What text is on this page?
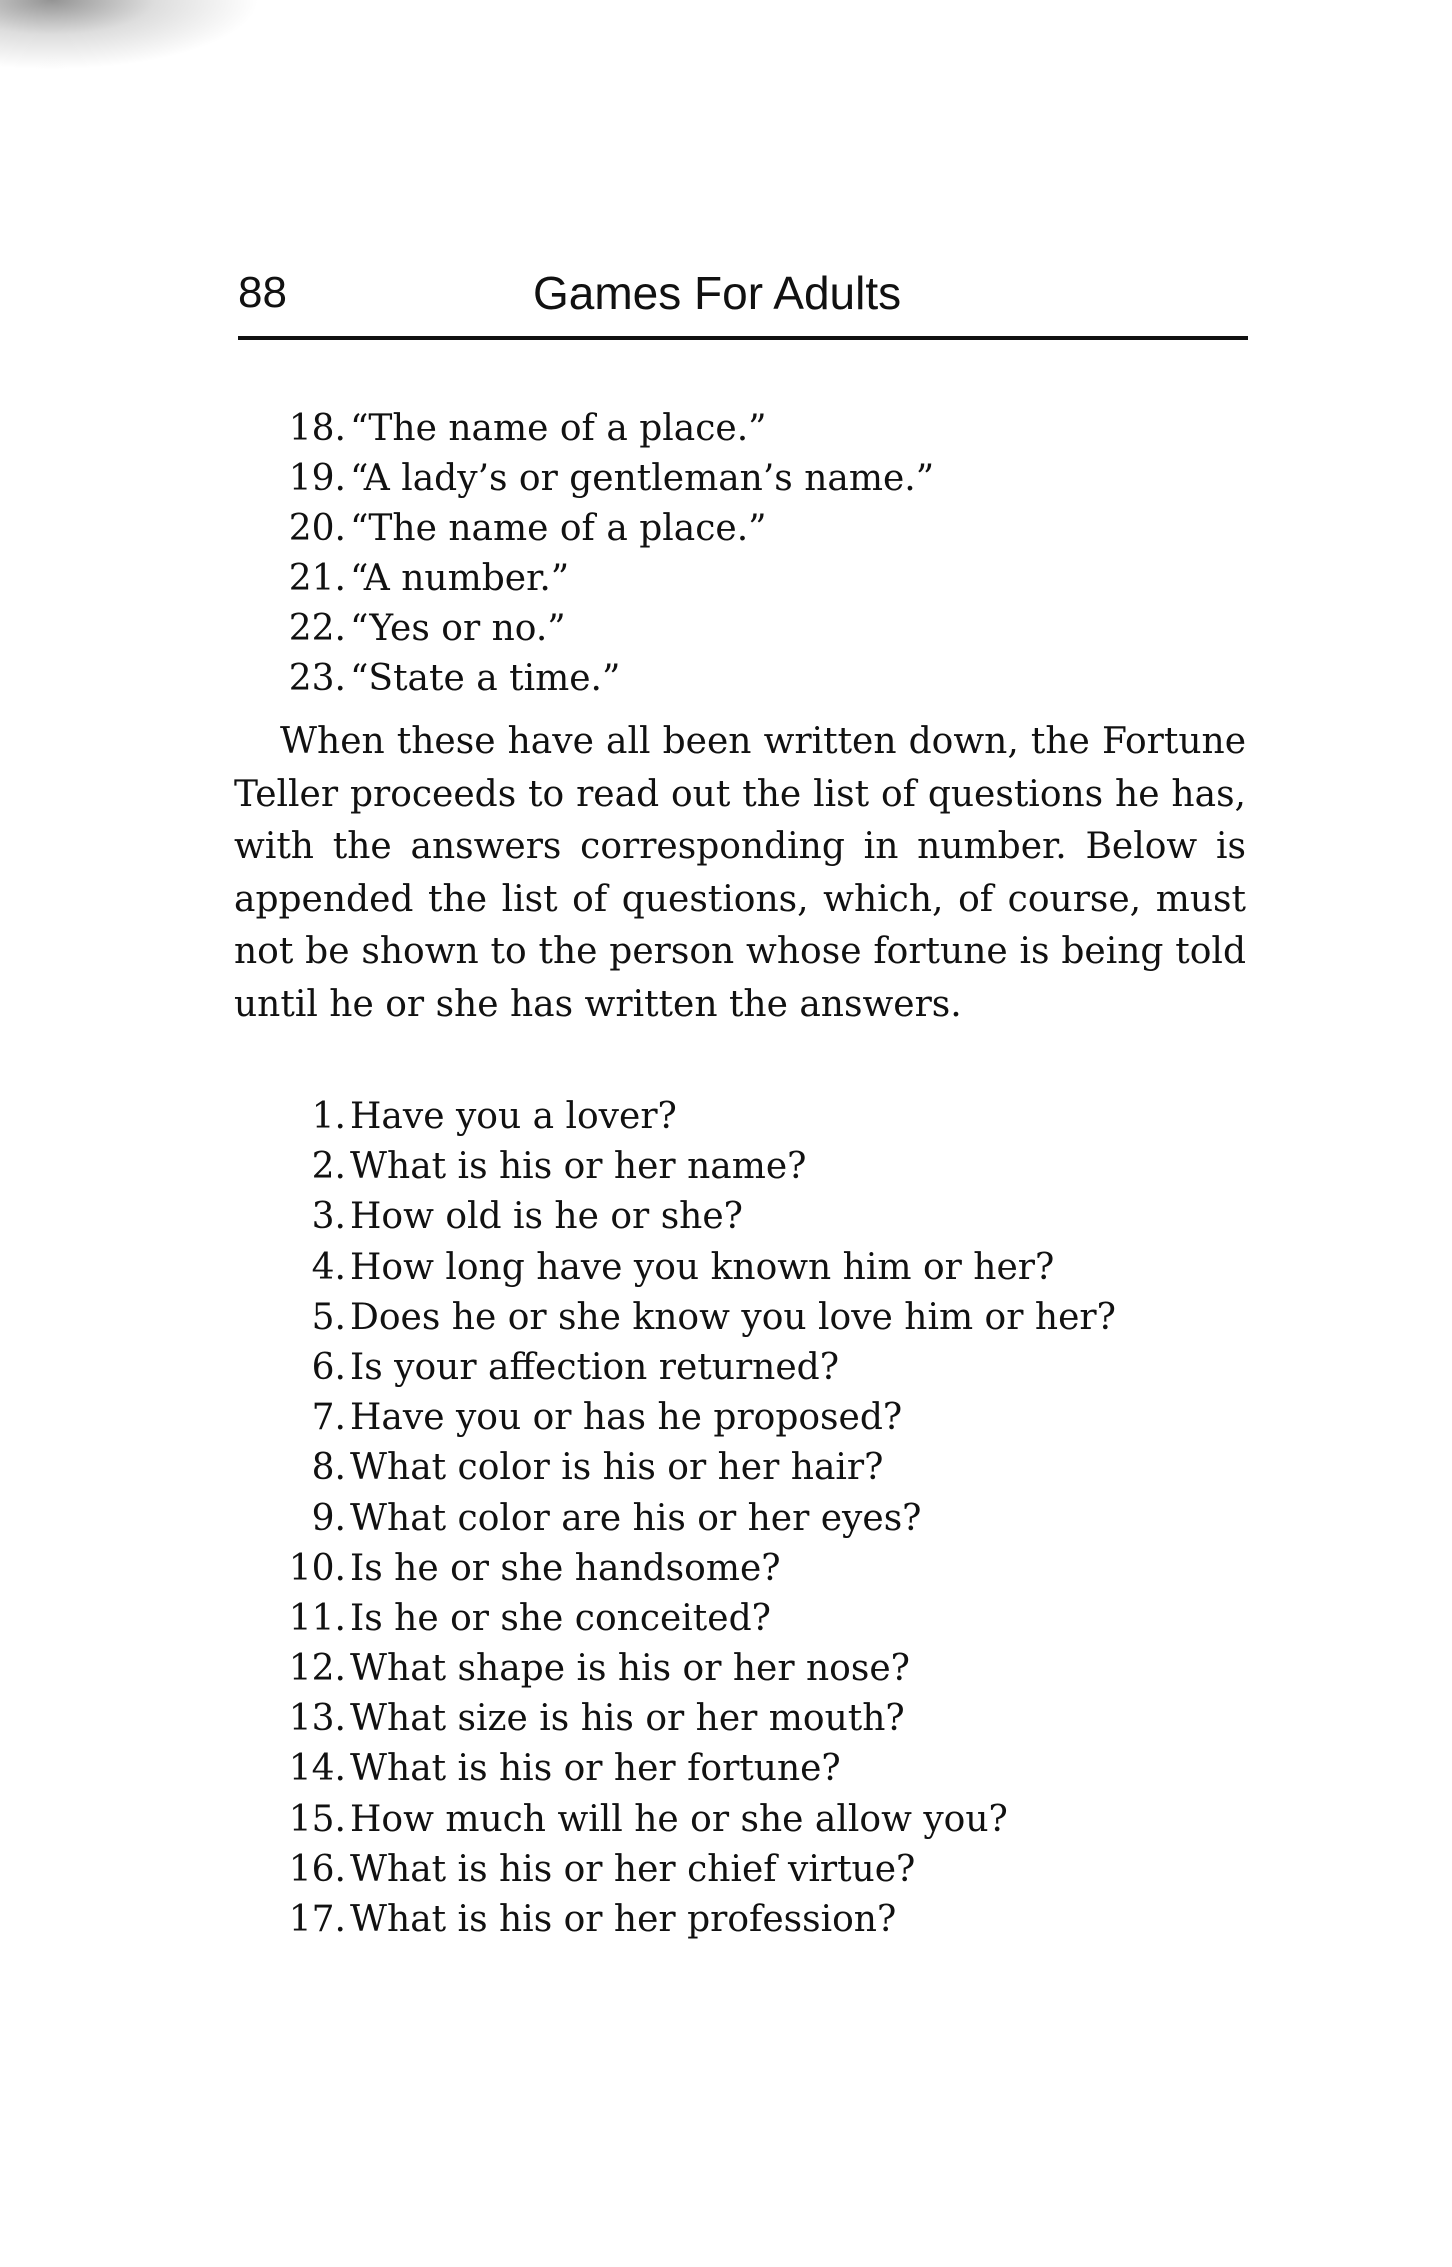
88	Games For Adults
18. “The name of a place.”
19. “A lady’s or gentleman’s name.”
20. “The name of a place.”
21. “A number.”
22. “Yes or no.”
23. “State a time.”

When these have all been written down, the Fortune Teller proceeds to read out the list of questions he has, with the answers corresponding in number. Below is appended the list of questions, which, of course, must not be shown to the person whose fortune is being told until he or she has written the answers.

1. Have you a lover?
2. What is his or her name?
3. How old is he or she?
4. How long have you known him or her?
5. Does he or she know you love him or her?
6. Is your affection returned?
7. Have you or has he proposed?
8. What color is his or her hair?
9. What color are his or her eyes?
10. Is he or she handsome?
11. Is he or she conceited?
12. What shape is his or her nose?
13. What size is his or her mouth?
14. What is his or her fortune?
15. How much will he or she allow you?
16. What is his or her chief virtue?
17. What is his or her profession?
